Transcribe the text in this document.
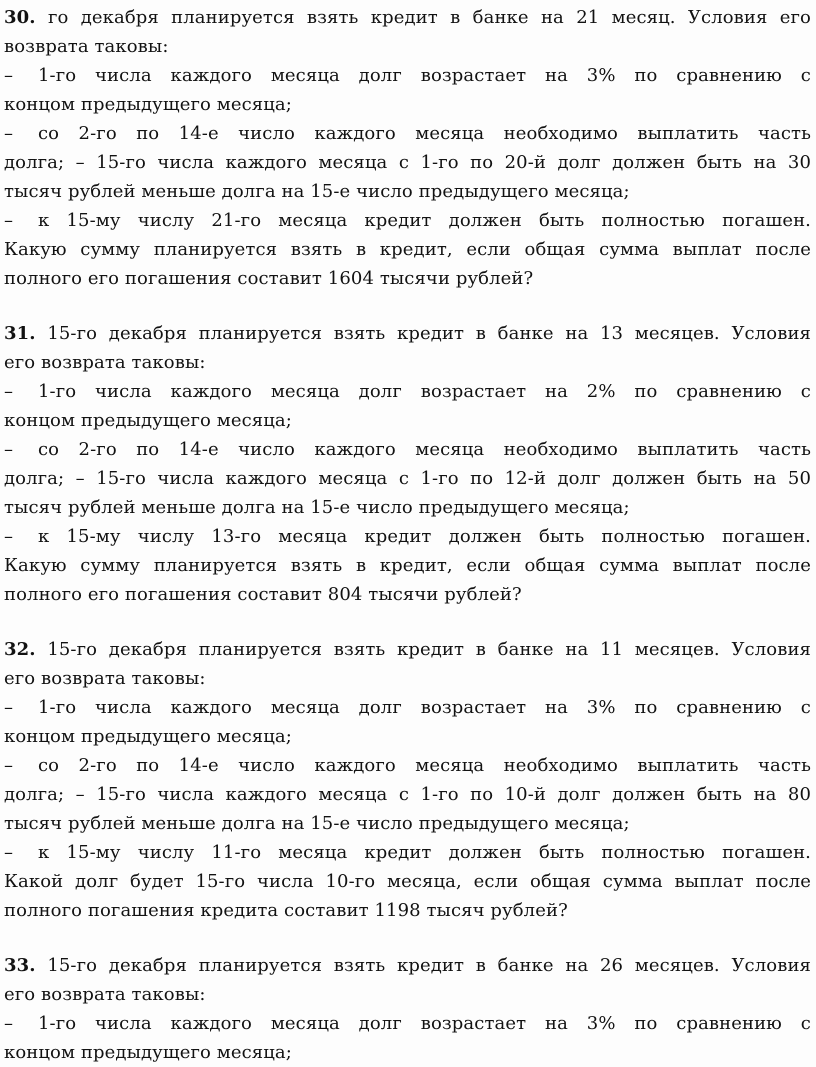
30. го декабря планируется взять кредит в банке на 21 месяц. Условия его
возврата таковы:
– 1-го числа каждого месяца долг возрастает на 3% по сравнению с
концом предыдущего месяца;
– со 2-го по 14-е число каждого месяца необходимо выплатить часть
долга; – 15-го числа каждого месяца с 1-го по 20-й долг должен быть на 30
тысяч рублей меньше долга на 15-е число предыдущего месяца;
– к 15-му числу 21-го месяца кредит должен быть полностью погашен.
Какую сумму планируется взять в кредит, если общая сумма выплат после
полного его погашения составит 1604 тысячи рублей?
31. 15-го декабря планируется взять кредит в банке на 13 месяцев. Условия
его возврата таковы:
– 1-го числа каждого месяца долг возрастает на 2% по сравнению с
концом предыдущего месяца;
– со 2-го по 14-е число каждого месяца необходимо выплатить часть
долга; – 15-го числа каждого месяца с 1-го по 12-й долг должен быть на 50
тысяч рублей меньше долга на 15-е число предыдущего месяца;
– к 15-му числу 13-го месяца кредит должен быть полностью погашен.
Какую сумму планируется взять в кредит, если общая сумма выплат после
полного его погашения составит 804 тысячи рублей?
32. 15-го декабря планируется взять кредит в банке на 11 месяцев. Условия
его возврата таковы:
– 1-го числа каждого месяца долг возрастает на 3% по сравнению с
концом предыдущего месяца;
– со 2-го по 14-е число каждого месяца необходимо выплатить часть
долга; – 15-го числа каждого месяца с 1-го по 10-й долг должен быть на 80
тысяч рублей меньше долга на 15-е число предыдущего месяца;
– к 15-му числу 11-го месяца кредит должен быть полностью погашен.
Какой долг будет 15-го числа 10-го месяца, если общая сумма выплат после
полного погашения кредита составит 1198 тысяч рублей?
33. 15-го декабря планируется взять кредит в банке на 26 месяцев. Условия
его возврата таковы:
– 1-го числа каждого месяца долг возрастает на 3% по сравнению с
концом предыдущего месяца;
